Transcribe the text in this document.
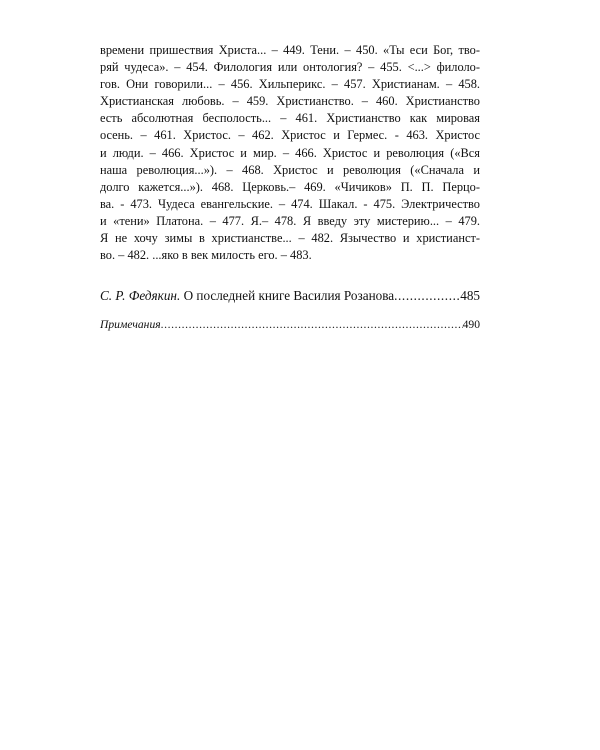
времени пришествия Христа... – 449. Тени. – 450. «Ты еси Бог, тво-
ряй чудеса». – 454. Филология или онтология? – 455. <...> филоло-
гов. Они говорили... – 456. Хильперикс. – 457. Христианам. – 458.
Христианская любовь. – 459. Христианство. – 460. Христианство
есть абсолютная бесполость... – 461. Христианство как мировая
осень. – 461. Христос. – 462. Христос и Гермес. - 463. Христос
и люди. – 466. Христос и мир. – 466. Христос и революция («Вся
наша революция...»). – 468. Христос и революция («Сначала и
долго кажется...»). 468. Церковь.– 469. «Чичиков» П. П. Перцо-
ва. - 473. Чудеса евангельские. – 474. Шакал. - 475. Электричество
и «тени» Платона. – 477. Я.– 478. Я введу эту мистерию... – 479.
Я не хочу зимы в христианстве... – 482. Язычество и христианст-
во. – 482. ...яко в век милость его. – 483.
С. Р. Федякин. О последней книге Василия Розанова .....	485
Примечания .....	490
